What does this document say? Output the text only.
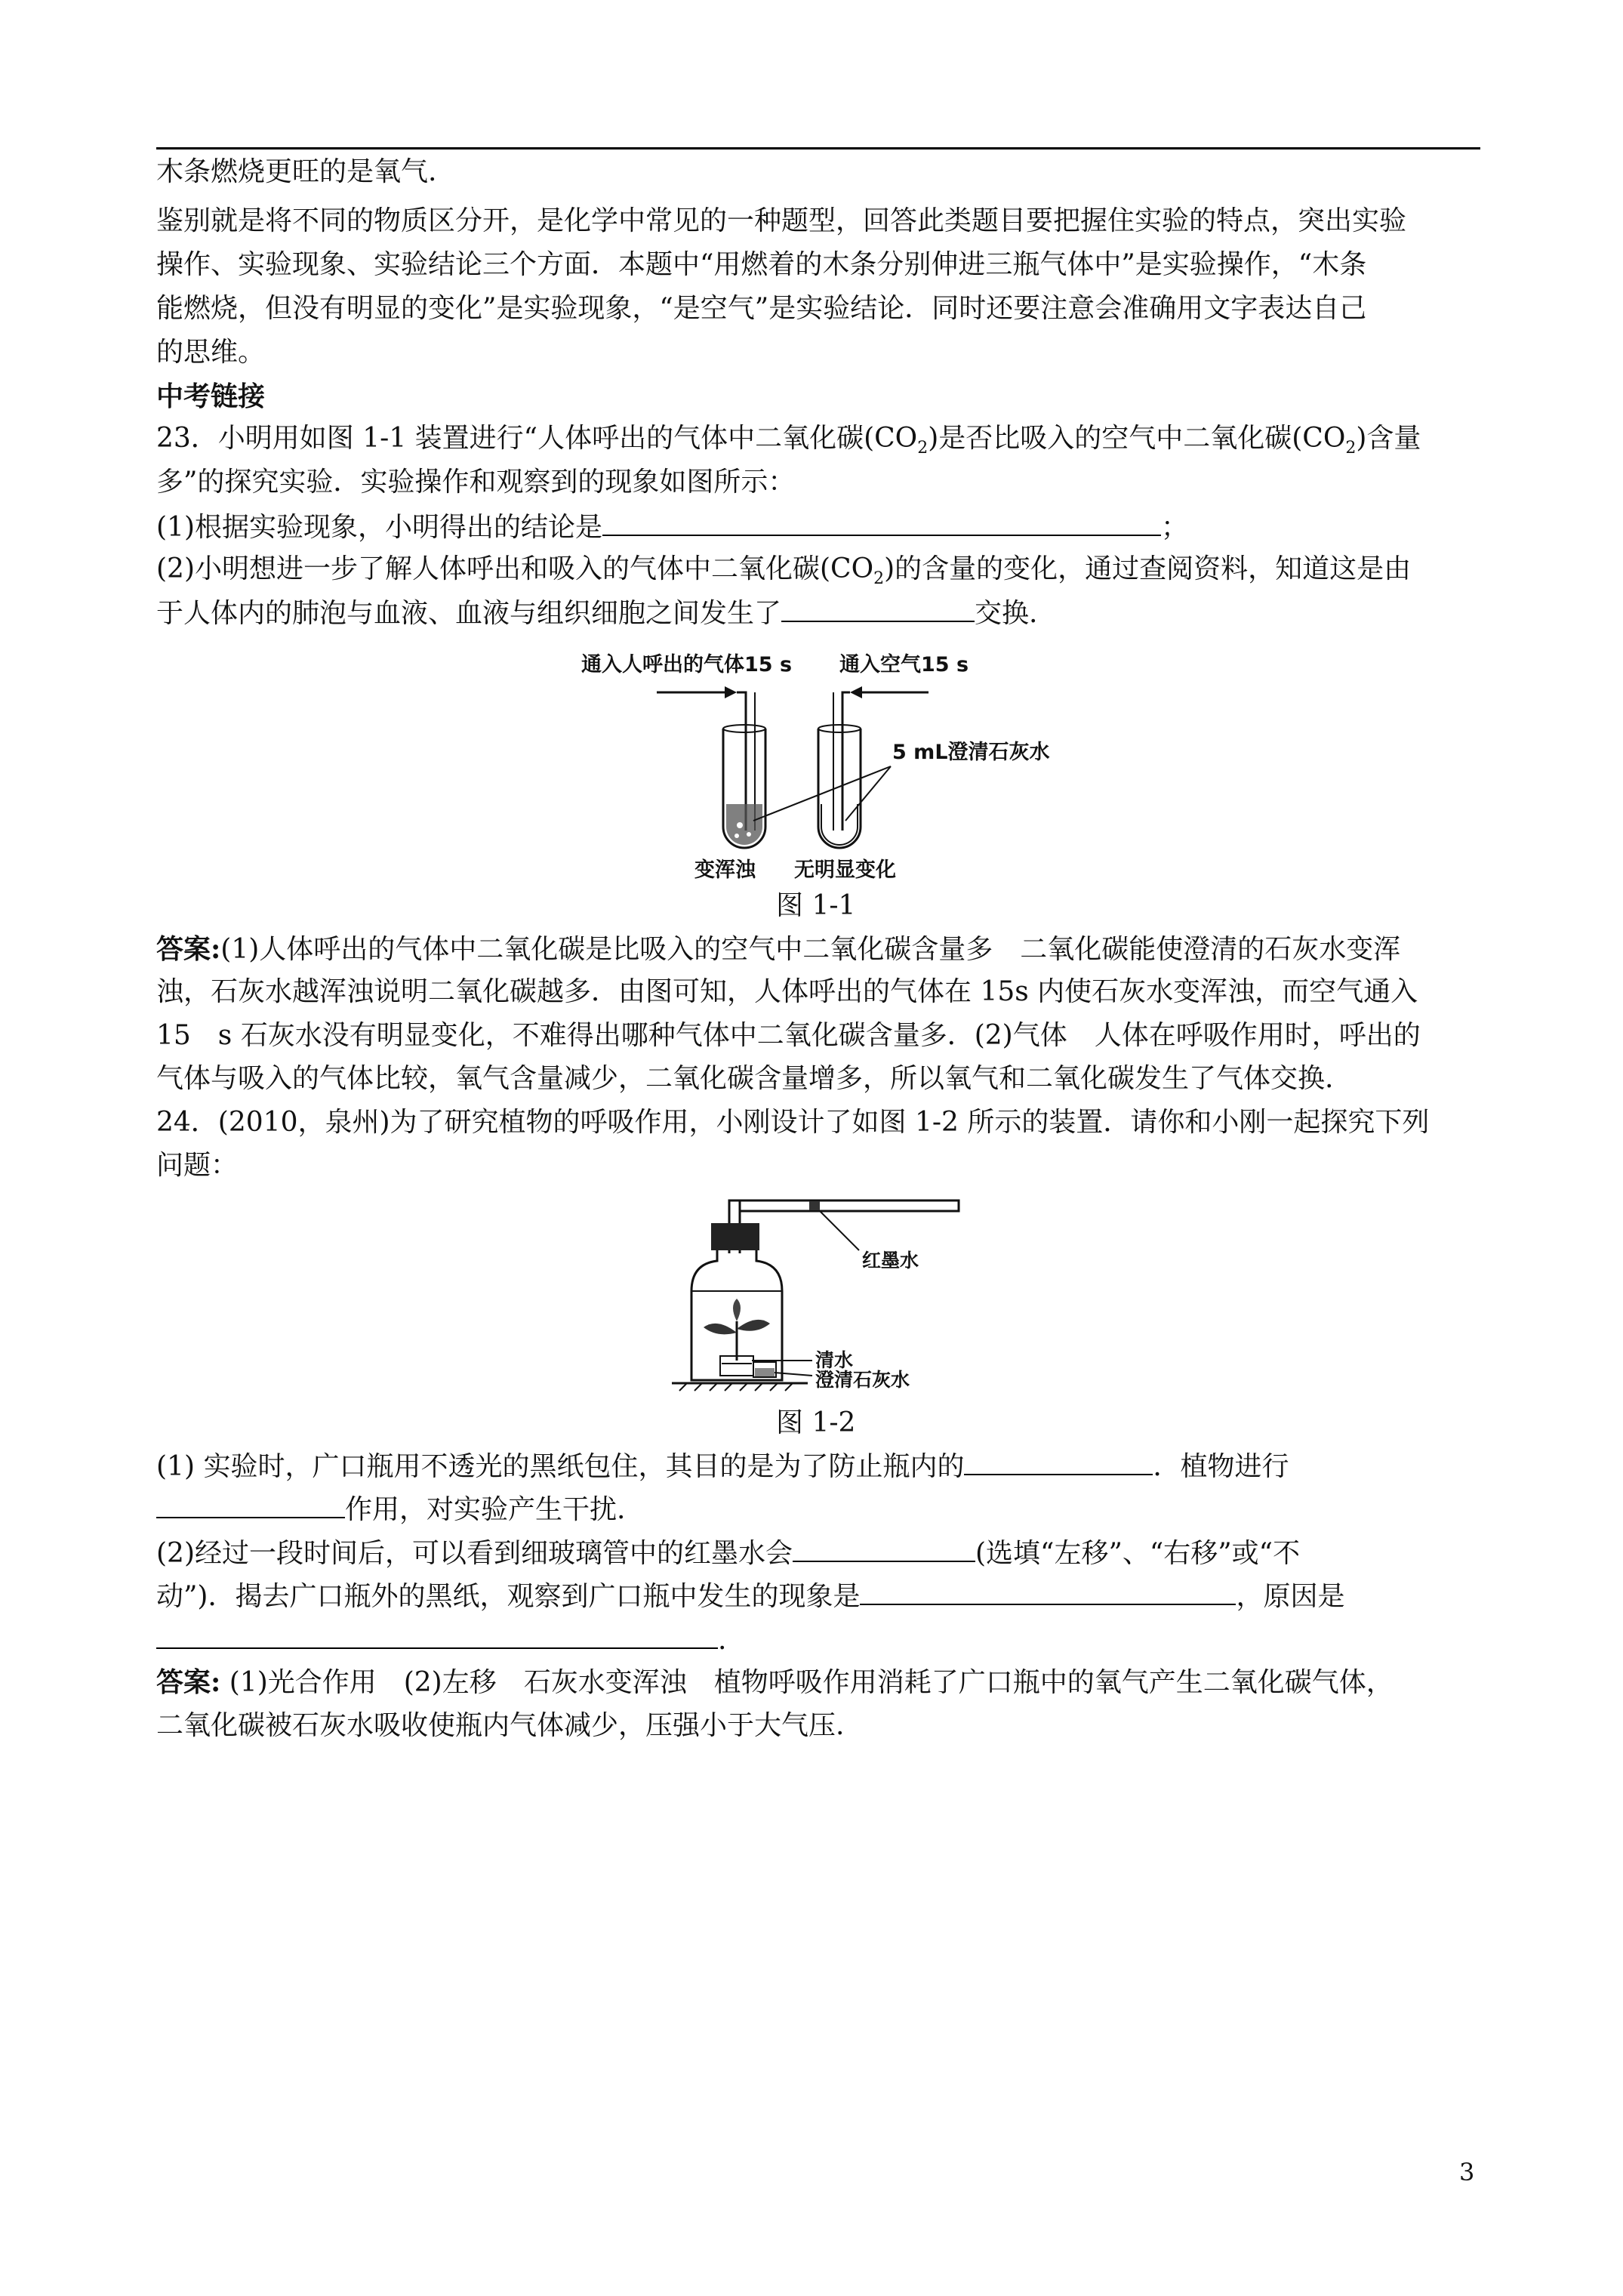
木条燃烧更旺的是氧气.
鉴别就是将不同的物质区分开，是化学中常见的一种题型，回答此类题目要把握住实验的特点，突出实验
操作、实验现象、实验结论三个方面．本题中“用燃着的木条分别伸进三瓶气体中”是实验操作，“木条
能燃烧，但没有明显的变化”是实验现象，“是空气”是实验结论．同时还要注意会准确用文字表达自己
的思维。
中考链接
23．小明用如图 1-1 装置进行“人体呼出的气体中二氧化碳$(CO_2)$是否比吸入的空气中二氧化碳$(CO_2)$含量
多”的探究实验．实验操作和观察到的现象如图所示：
(1)根据实验现象，小明得出的结论是	；
(2)小明想进一步了解人体呼出和吸入的气体中二氧化碳$(CO_2)$的含量的变化，通过查阅资料，知道这是由
于人体内的肺泡与血液、血液与组织细胞之间发生了	交换.
通入人呼出的气体15 s 通入空气15 s
5 mL澄清石灰水
变浑浊 无明显变化
图 1-1
答案:(1)人体呼出的气体中二氧化碳是比吸入的空气中二氧化碳含量多　二氧化碳能使澄清的石灰水变浑
浊，石灰水越浑浊说明二氧化碳越多．由图可知，人体呼出的气体在 15s 内使石灰水变浑浊，而空气通入
15　s 石灰水没有明显变化，不难得出哪种气体中二氧化碳含量多．(2)气体　人体在呼吸作用时，呼出的
气体与吸入的气体比较，氧气含量减少，二氧化碳含量增多，所以氧气和二氧化碳发生了气体交换.
24．(2010，泉州)为了研究植物的呼吸作用，小刚设计了如图 1-2 所示的装置．请你和小刚一起探究下列
问题：
红墨水
清水
澄清石灰水
图 1-2
(1) 实验时，广口瓶用不透光的黑纸包住，其目的是为了防止瓶内的	．植物进行
作用，对实验产生干扰.
(2)经过一段时间后，可以看到细玻璃管中的红墨水会	(选填“左移”、“右移”或“不
动”)．揭去广口瓶外的黑纸，观察到广口瓶中发生的现象是	，原因是
.
答案: (1)光合作用　(2)左移　石灰水变浑浊　植物呼吸作用消耗了广口瓶中的氧气产生二氧化碳气体，
二氧化碳被石灰水吸收使瓶内气体减少，压强小于大气压.
3
